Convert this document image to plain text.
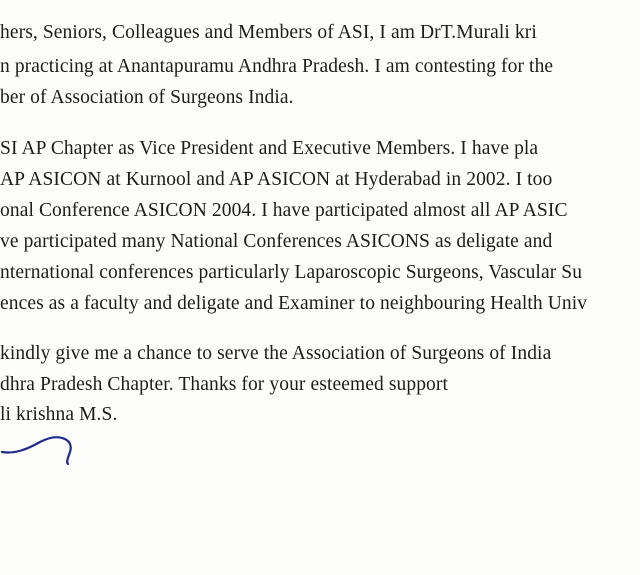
hers, Seniors, Colleagues and Members of ASI, I am DrT.Murali kri
n practicing at Anantapuramu Andhra Pradesh. I am contesting for the
ber of Association of Surgeons India.
SI AP Chapter as Vice President and Executive Members. I have pla
AP ASICON at Kurnool and AP ASICON at Hyderabad in 2002. I too
onal Conference ASICON 2004. I have participated almost all AP ASIC
ve participated many National Conferences ASICONS as deligate and
nternational conferences particularly Laparoscopic Surgeons, Vascular Su
ences as a faculty and deligate and Examiner to neighbouring Health Univ
kindly give me a chance to serve the Association of Surgeons of India
dhra Pradesh Chapter. Thanks for your esteemed support
li krishna M.S.
